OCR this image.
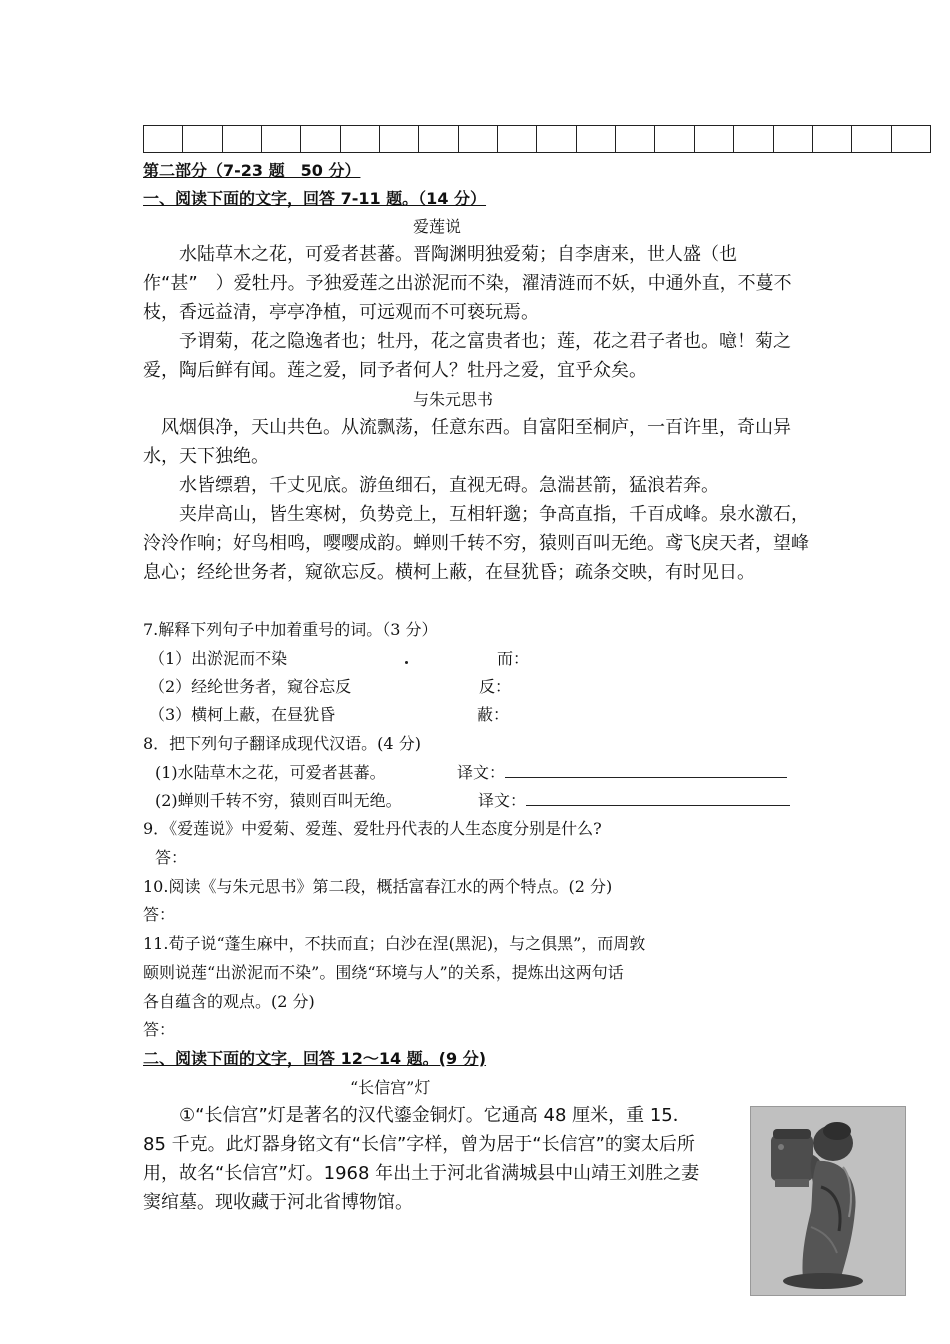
第二部分（7-23 题　50 分）
一、阅读下面的文字，回答 7-11 题。（14 分）
爱莲说

水陆草木之花，可爱者甚蕃。晋陶渊明独爱菊；自李唐来，世人盛（也作“甚”　）爱牡丹。予独爱莲之出淤泥而不染，濯清涟而不妖，中通外直，不蔓不枝，香远益清，亭亭净植，可远观而不可亵玩焉。

予谓菊，花之隐逸者也；牡丹，花之富贵者也；莲，花之君子者也。噫！菊之爱，陶后鲜有闻。莲之爱，同予者何人？牡丹之爱，宜乎众矣。

与朱元思书

风烟俱净，天山共色。从流飘荡，任意东西。自富阳至桐庐，一百许里，奇山异水，天下独绝。

水皆缥碧，千丈见底。游鱼细石，直视无碍。急湍甚箭，猛浪若奔。

夹岸高山，皆生寒树，负势竞上，互相轩邈；争高直指，千百成峰。泉水激石，泠泠作响；好鸟相鸣，嘤嘤成韵。蝉则千转不穷，猿则百叫无绝。鸢飞戾天者，望峰息心；经纶世务者，窥欲忘反。横柯上蔽，在昼犹昏；疏条交映，有时见日。

7.解释下列句子中加着重号的词。（3 分）
（1）出淤泥而不染	而：
（2）经纶世务者，窥谷忘反	反：
（3）横柯上蔽，在昼犹昏	蔽：
8．把下列句子翻译成现代汉语。(4 分)
(1)水陆草木之花，可爱者甚蕃。	译文：
(2)蝉则千转不穷，猿则百叫无绝。	译文：
9．《爱莲说》中爱菊、爱莲、爱牡丹代表的人生态度分别是什么?
答：
10.阅读《与朱元思书》第二段，概括富春江水的两个特点。(2 分)
答：
11.荀子说“蓬生麻中，不扶而直；白沙在涅(黑泥)，与之俱黑”，而周敦
颐则说莲“出淤泥而不染”。围绕“环境与人”的关系，提炼出这两句话
各自蕴含的观点。(2 分)
答：
二、阅读下面的文字，回答 12～14 题。(9 分)
“长信宫”灯

①“长信宫”灯是著名的汉代鎏金铜灯。它通高 48 厘米，重 15．85 千克。此灯器身铭文有“长信”字样，曾为居于“长信宫”的窦太后所用，故名“长信宫”灯。1968 年出土于河北省满城县中山靖王刘胜之妻窦绾墓。现收藏于河北省博物馆。
